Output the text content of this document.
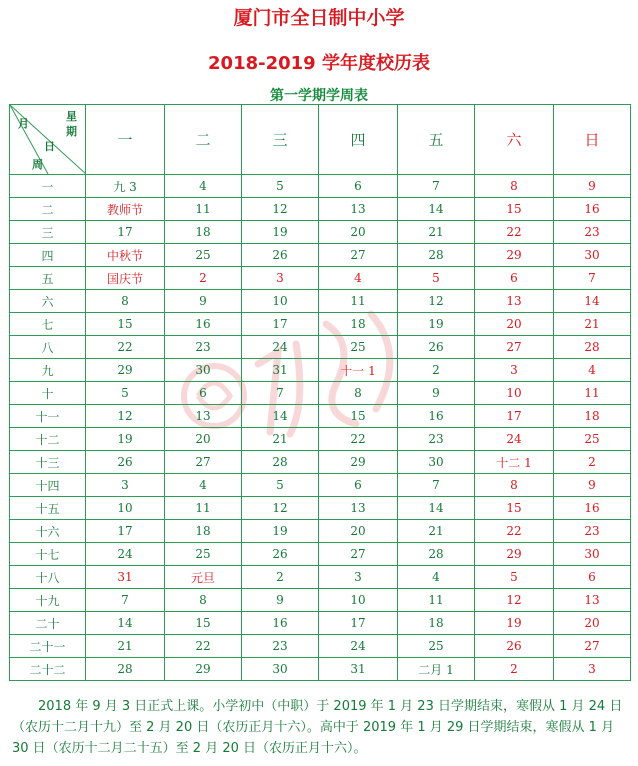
厦门市全日制中小学
2018-2019 学年度校历表
第一学期学周表
月
星
期
日
周	一	二	三	四	五	六	日
一	九 3	4	5	6	7	8	9
二	教师节	11	12	13	14	15	16
三	17	18	19	20	21	22	23
四	中秋节	25	26	27	28	29	30
五	国庆节	2	3	4	5	6	7
六	8	9	10	11	12	13	14
七	15	16	17	18	19	20	21
八	22	23	24	25	26	27	28
九	29	30	31	十一 1	2	3	4
十	5	6	7	8	9	10	11
十一	12	13	14	15	16	17	18
十二	19	20	21	22	23	24	25
十三	26	27	28	29	30	十二 1	2
十四	3	4	5	6	7	8	9
十五	10	11	12	13	14	15	16
十六	17	18	19	20	21	22	23
十七	24	25	26	27	28	29	30
十八	31	元旦	2	3	4	5	6
十九	7	8	9	10	11	12	13
二十	14	15	16	17	18	19	20
二十一	21	22	23	24	25	26	27
二十二	28	29	30	31	二月 1	2	3
2018 年 9 月 3 日正式上课。小学初中（中职）于 2019 年 1 月 23 日学期结束，寒假从 1 月 24 日（农历十二月十九）至 2 月 20 日（农历正月十六）。高中于 2019 年 1 月 29 日学期结束，寒假从 1 月 30 日（农历十二月二十五）至 2 月 20 日（农历正月十六）。
